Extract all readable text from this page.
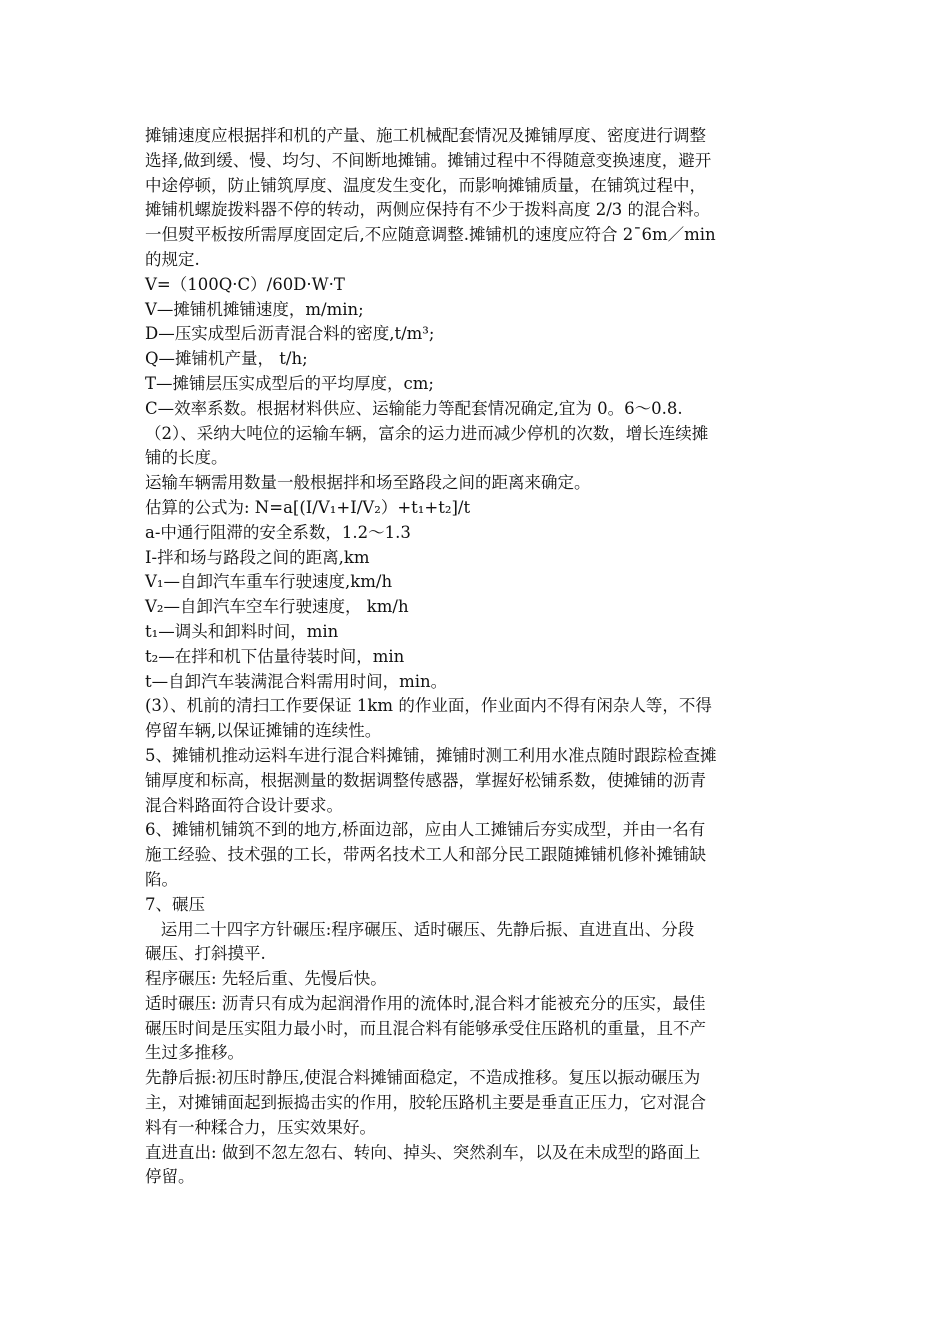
摊铺速度应根据拌和机的产量、施工机械配套情况及摊铺厚度、密度进行调整
选择,做到缓、慢、均匀、不间断地摊铺。摊铺过程中不得随意变换速度，避开
中途停顿，防止铺筑厚度、温度发生变化，而影响摊铺质量，在铺筑过程中，
摊铺机螺旋拨料器不停的转动，两侧应保持有不少于拨料高度 2/3 的混合料。
一但熨平板按所需厚度固定后,不应随意调整.摊铺机的速度应符合 2¯6m／min
的规定.
V=（100Q·C）/60D·W·T
V—摊铺机摊铺速度，m/min;
D—压实成型后沥青混合料的密度,t/m³;
Q—摊铺机产量， t/h;
T—摊铺层压实成型后的平均厚度，cm;
C—效率系数。根据材料供应、运输能力等配套情况确定,宜为 0。6～0.8.
（2）、采纳大吨位的运输车辆，富余的运力进而减少停机的次数，增长连续摊
铺的长度。
运输车辆需用数量一般根据拌和场至路段之间的距离来确定。
估算的公式为: N=a[(I/V₁+I/V₂）+t₁+t₂]/t
a-中通行阻滞的安全系数，1.2～1.3
I-拌和场与路段之间的距离,km
V₁—自卸汽车重车行驶速度,km/h
V₂—自卸汽车空车行驶速度， km/h
t₁—调头和卸料时间，min
t₂—在拌和机下估量待装时间，min
t—自卸汽车装满混合料需用时间，min。
(3）、机前的清扫工作要保证 1km 的作业面，作业面内不得有闲杂人等，不得
停留车辆,以保证摊铺的连续性。
5、摊铺机推动运料车进行混合料摊铺，摊铺时测工利用水准点随时跟踪检查摊
铺厚度和标高，根据测量的数据调整传感器，掌握好松铺系数，使摊铺的沥青
混合料路面符合设计要求。
6、摊铺机铺筑不到的地方,桥面边部，应由人工摊铺后夯实成型，并由一名有
施工经验、技术强的工长，带两名技术工人和部分民工跟随摊铺机修补摊铺缺
陷。
7、碾压
运用二十四字方针碾压:程序碾压、适时碾压、先静后振、直进直出、分段
碾压、打斜摸平.
程序碾压: 先轻后重、先慢后快。
适时碾压: 沥青只有成为起润滑作用的流体时,混合料才能被充分的压实，最佳
碾压时间是压实阻力最小时，而且混合料有能够承受住压路机的重量，且不产
生过多推移。
先静后振:初压时静压,使混合料摊铺面稳定，不造成推移。复压以振动碾压为
主，对摊铺面起到振捣击实的作用，胶轮压路机主要是垂直正压力，它对混合
料有一种糅合力，压实效果好。
直进直出: 做到不忽左忽右、转向、掉头、突然刹车，以及在未成型的路面上
停留。
